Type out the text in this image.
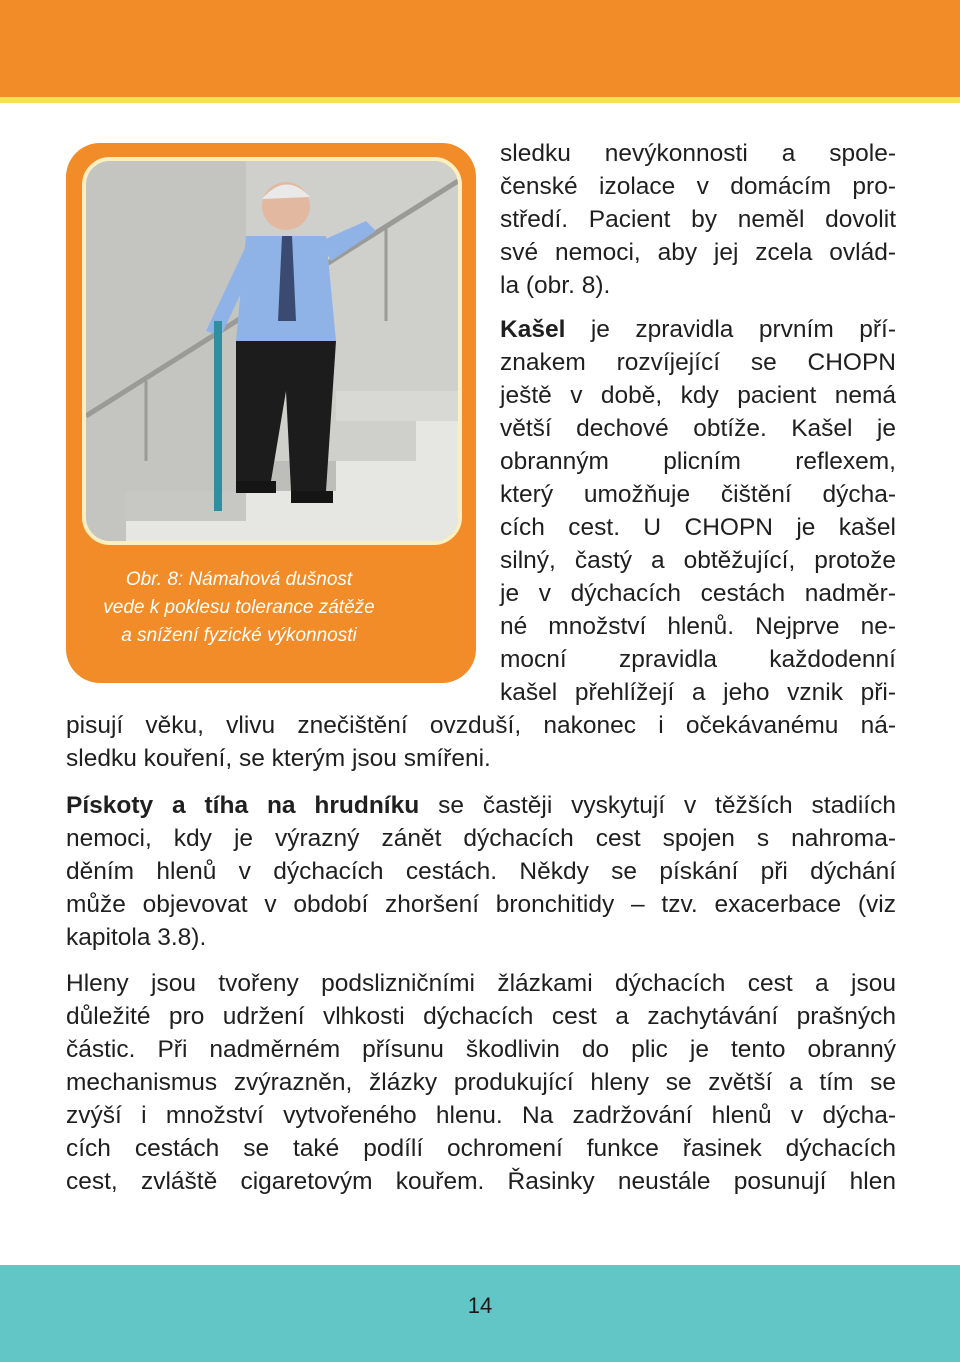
Obr. 8: Námahová dušnost
vede k poklesu tolerance zátěže
a snížení fyzické výkonnosti

sledku nevýkonnosti a spole-
čenské izolace v domácím pro-
středí. Pacient by neměl dovolit
své nemoci, aby jej zcela ovlád-
la (obr. 8).

Kašel je zpravidla prvním pří-
znakem rozvíjející se CHOPN
ještě v době, kdy pacient nemá
větší dechové obtíže. Kašel je
obranným plicním reflexem,
který umožňuje čištění dýcha-
cích cest. U CHOPN je kašel
silný, častý a obtěžující, protože
je v dýchacích cestách nadměr-
né množství hlenů. Nejprve ne-
mocní zpravidla každodenní
kašel přehlížejí a jeho vznik při-

pisují věku, vlivu znečištění ovzduší, nakonec i očekávanému ná-
sledku kouření, se kterým jsou smířeni.

Pískoty a tíha na hrudníku se častěji vyskytují v těžších stadiích
nemoci, kdy je výrazný zánět dýchacích cest spojen s nahroma-
děním hlenů v dýchacích cestách. Někdy se pískání při dýchání
může objevovat v období zhoršení bronchitidy – tzv. exacerbace (viz
kapitola 3.8).

Hleny jsou tvořeny podslizničními žlázkami dýchacích cest a jsou
důležité pro udržení vlhkosti dýchacích cest a zachytávání prašných
částic. Při nadměrném přísunu škodlivin do plic je tento obranný
mechanismus zvýrazněn, žlázky produkující hleny se zvětší a tím se
zvýší i množství vytvořeného hlenu. Na zadržování hlenů v dýcha-
cích cestách se také podílí ochromení funkce řasinek dýchacích
cest, zvláště cigaretovým kouřem. Řasinky neustále posunují hlen

14
